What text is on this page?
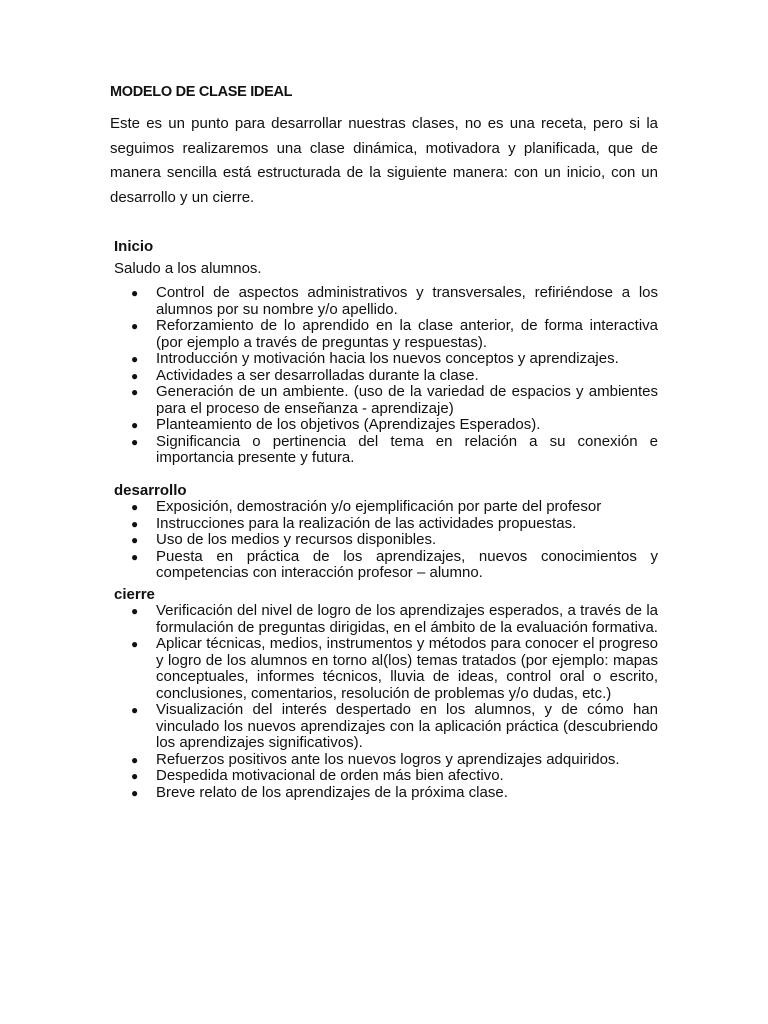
MODELO DE CLASE IDEAL

Este es un punto para desarrollar nuestras clases, no es una receta, pero si la seguimos realizaremos una clase dinámica, motivadora y planificada, que de manera sencilla está estructurada de la siguiente manera: con un inicio, con un desarrollo y un cierre.

Inicio

Saludo a los alumnos.

● Control de aspectos administrativos y transversales, refiriéndose a los alumnos por su nombre y/o apellido.
● Reforzamiento de lo aprendido en la clase anterior, de forma interactiva (por ejemplo a través de preguntas y respuestas).
● Introducción y motivación hacia los nuevos conceptos y aprendizajes.
● Actividades a ser desarrolladas durante la clase.
● Generación de un ambiente. (uso de la variedad de espacios y ambientes para el proceso de enseñanza - aprendizaje)
● Planteamiento de los objetivos (Aprendizajes Esperados).
● Significancia o pertinencia del tema en relación a su conexión e importancia presente y futura.

desarrollo

● Exposición, demostración y/o ejemplificación por parte del profesor
● Instrucciones para la realización de las actividades propuestas.
● Uso de los medios y recursos disponibles.
● Puesta en práctica de los aprendizajes, nuevos conocimientos y competencias con interacción profesor – alumno.

cierre

● Verificación del nivel de logro de los aprendizajes esperados, a través de la formulación de preguntas dirigidas, en el ámbito de la evaluación formativa.
● Aplicar técnicas, medios, instrumentos y métodos para conocer el progreso y logro de los alumnos en torno al(los) temas tratados (por ejemplo: mapas conceptuales, informes técnicos, lluvia de ideas, control oral o escrito, conclusiones, comentarios, resolución de problemas y/o dudas, etc.)
● Visualización del interés despertado en los alumnos, y de cómo han vinculado los nuevos aprendizajes con la aplicación práctica (descubriendo los aprendizajes significativos).
● Refuerzos positivos ante los nuevos logros y aprendizajes adquiridos.
● Despedida motivacional de orden más bien afectivo.
● Breve relato de los aprendizajes de la próxima clase.
